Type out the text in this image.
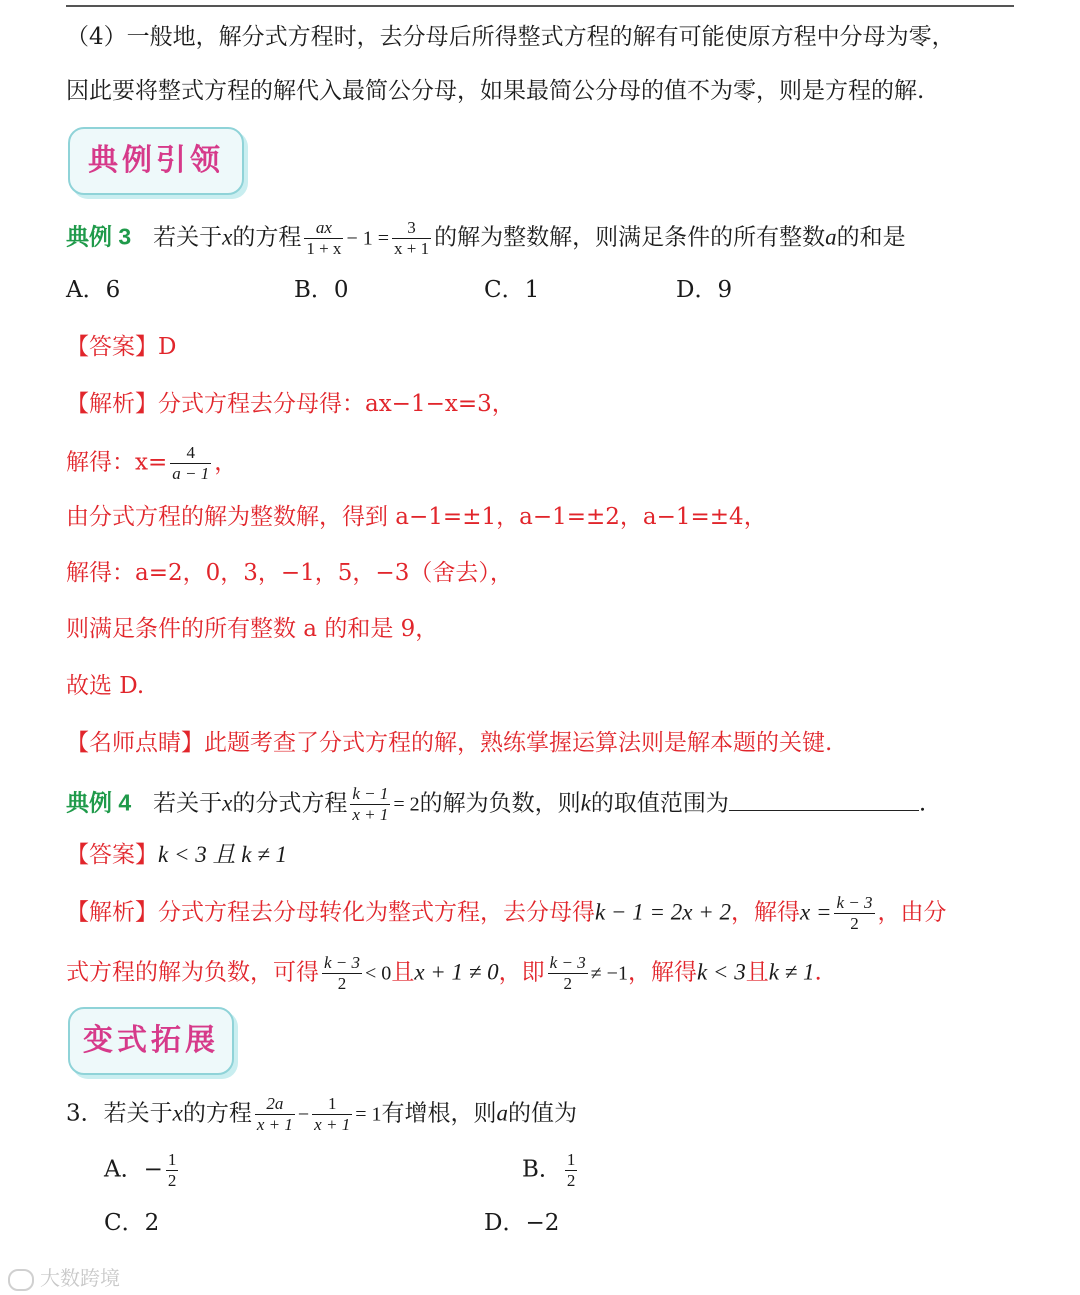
（4）一般地，解分式方程时，去分母后所得整式方程的解有可能使原方程中分母为零，
因此要将整式方程的解代入最简公分母，如果最简公分母的值不为零，则是方程的解.
典例引领
典例 3 若关于x的方程 $\frac{ax}{1 + x} - 1 = \frac{3}{x + 1}$ 的解为整数解，则满足条件的所有整数a的和是
A．6	B．0	C．1	D．9
【答案】D
【解析】分式方程去分母得：ax−1−x=3，
解得：$x= \frac{4}{a - 1}$ ，
由分式方程的解为整数解，得到 a−1=±1，a−1=±2，a−1=±4，
解得：a=2，0，3，−1，5，−3（舍去），
则满足条件的所有整数 a 的和是 9，
故选 D.
【名师点睛】此题考查了分式方程的解，熟练掌握运算法则是解本题的关键.
典例 4 若关于x的分式方程 $\frac{k - 1}{x + 1} = 2$的解为负数，则k的取值范围为	.
【答案】k < 3 且 k ≠ 1
【解析】分式方程去分母转化为整式方程，去分母得k − 1 = 2x + 2，解得$x = \frac{k - 3}{2}$ ，由分
式方程的解为负数，可得 $\frac{k - 3}{2} < 0$且x + 1 ≠ 0，即 $\frac{k - 3}{2} \ne -1$，解得k < 3且k ≠ 1.
变式拓展
3．若关于x的方程 $\frac{2a}{x + 1} - \frac{1}{x + 1} = 1$有增根，则a的值为
A．− $\frac{1}{2}$	B． $\frac{1}{2}$
C．2	D．−2
大数跨境
